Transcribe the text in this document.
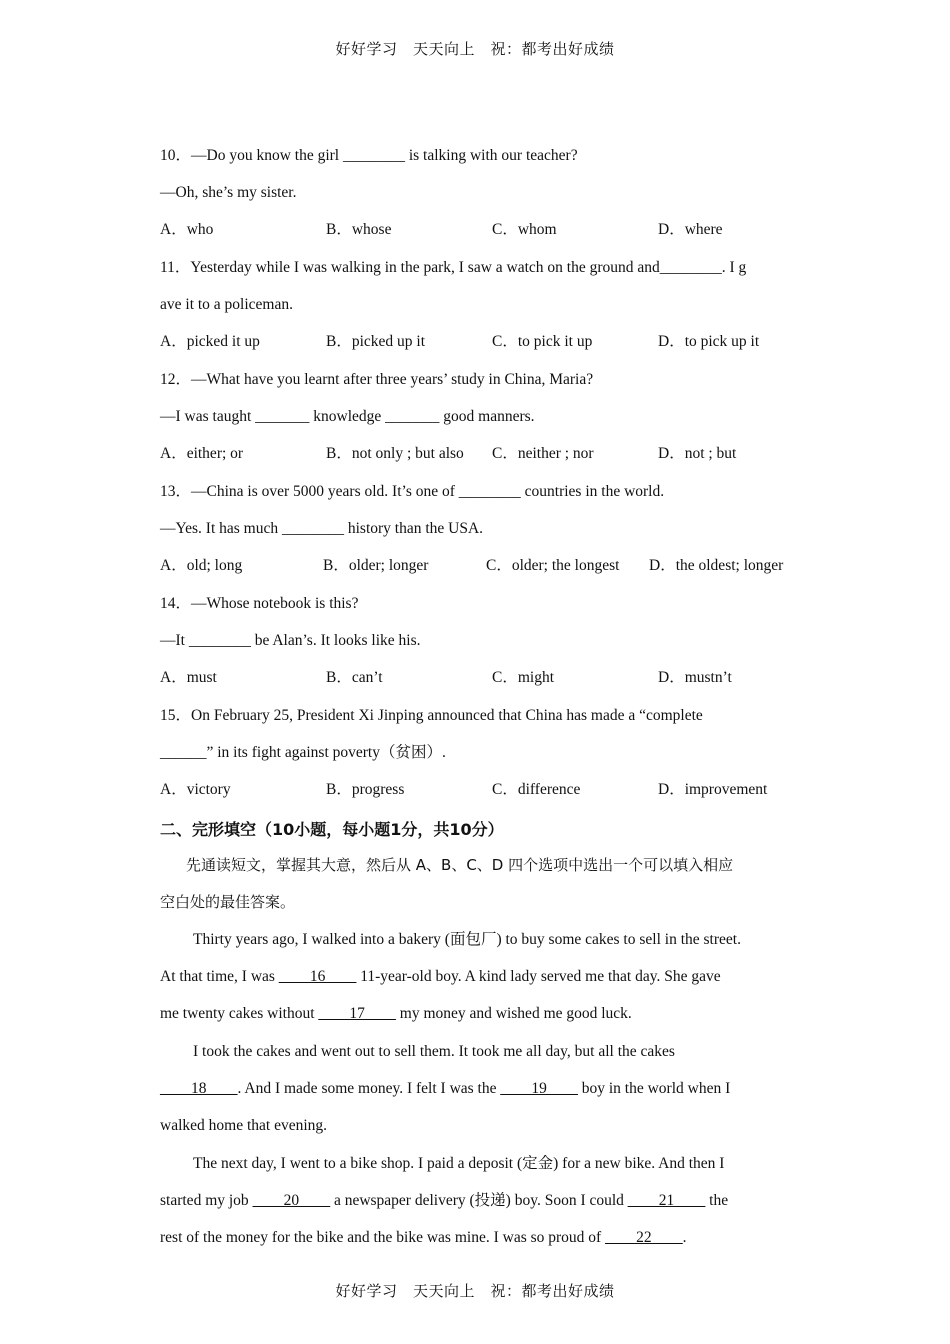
好好学习　天天向上　祝：都考出好成绩
10．—Do you know the girl ________ is talking with our teacher?
—Oh, she’s my sister.
A．who	B．whose	C．whom	D．where
11．Yesterday while I was walking in the park, I saw a watch on the ground and________. I g
ave it to a policeman.
A．picked it up	B．picked up it	C．to pick it up	D．to pick up it
12．—What have you learnt after three years’ study in China, Maria?
—I was taught _______ knowledge _______ good manners.
A．either; or	B．not only ; but also C．neither ; nor	D．not ; but
13．—China is over 5000 years old. It’s one of ________ countries in the world.
—Yes. It has much ________ history than the USA.
A．old; long	B．older; longer	C．older; the longest D．the oldest; longer
14．—Whose notebook is this?
—It ________ be Alan’s. It looks like his.
A．must	B．can’t	C．might	D．mustn’t
15．On February 25, President Xi Jinping announced that China has made a “complete
______” in its fight against poverty（贫困）.
A．victory	B．progress	C．difference	D．improvement
二、完形填空（10小题，每小题1分，共10分）
先通读短文，掌握其大意，然后从 A、B、C、D 四个选项中选出一个可以填入相应
空白处的最佳答案。
Thirty years ago, I walked into a bakery (面包厂) to buy some cakes to sell in the street.
At that time, I was ____16____ 11-year-old boy. A kind lady served me that day. She gave
me twenty cakes without ____17____ my money and wished me good luck.
I took the cakes and went out to sell them. It took me all day, but all the cakes
____18____. And I made some money. I felt I was the ____19____ boy in the world when I
walked home that evening.
The next day, I went to a bike shop. I paid a deposit (定金) for a new bike. And then I
started my job ____20____ a newspaper delivery (投递) boy. Soon I could ____21____ the
rest of the money for the bike and the bike was mine. I was so proud of ____22____.
好好学习　天天向上　祝：都考出好成绩
